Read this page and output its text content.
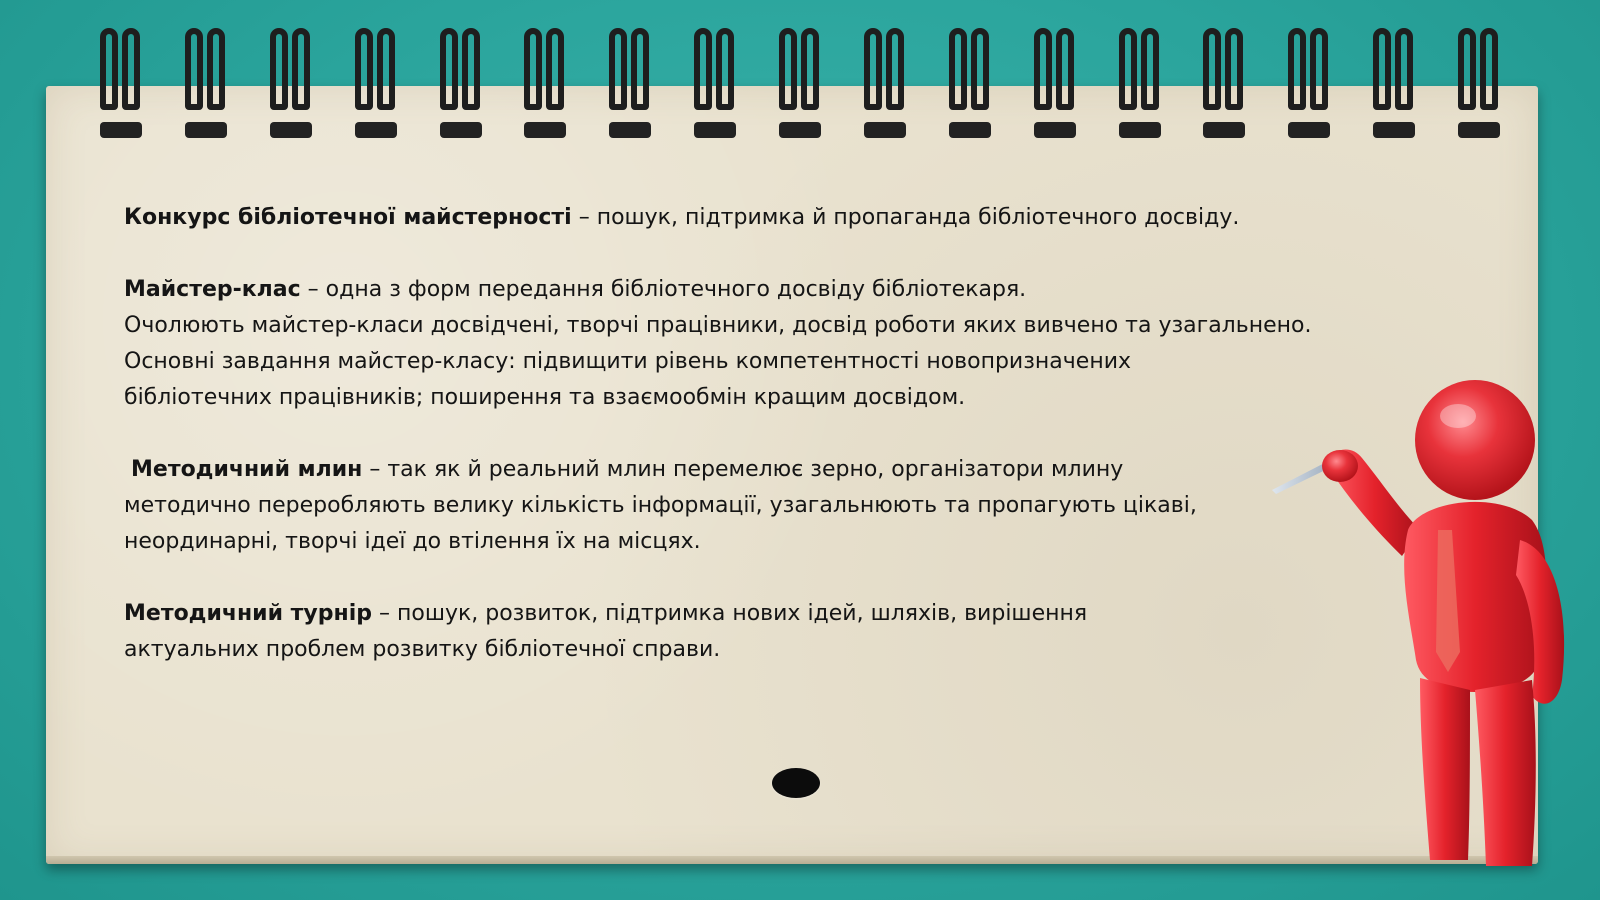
Конкурс бібліотечної майстерності – пошук, підтримка й пропаганда бібліотечного досвіду.

Майстер-клас – одна з форм передання бібліотечного досвіду бібліотекаря.
Очолюють майстер-класи досвідчені, творчі працівники, досвід роботи яких вивчено та узагальнено.
Основні завдання майстер-класу: підвищити рівень компетентності новопризначених
бібліотечних працівників; поширення та взаємообмін кращим досвідом.

Методичний млин – так як й реальний млин перемелює зерно, організатори млину
методично переробляють велику кількість інформації, узагальнюють та пропагують цікаві,
неординарні, творчі ідеї до втілення їх на місцях.

Методичний турнір – пошук, розвиток, підтримка нових ідей, шляхів, вирішення
актуальних проблем розвитку бібліотечної справи.
